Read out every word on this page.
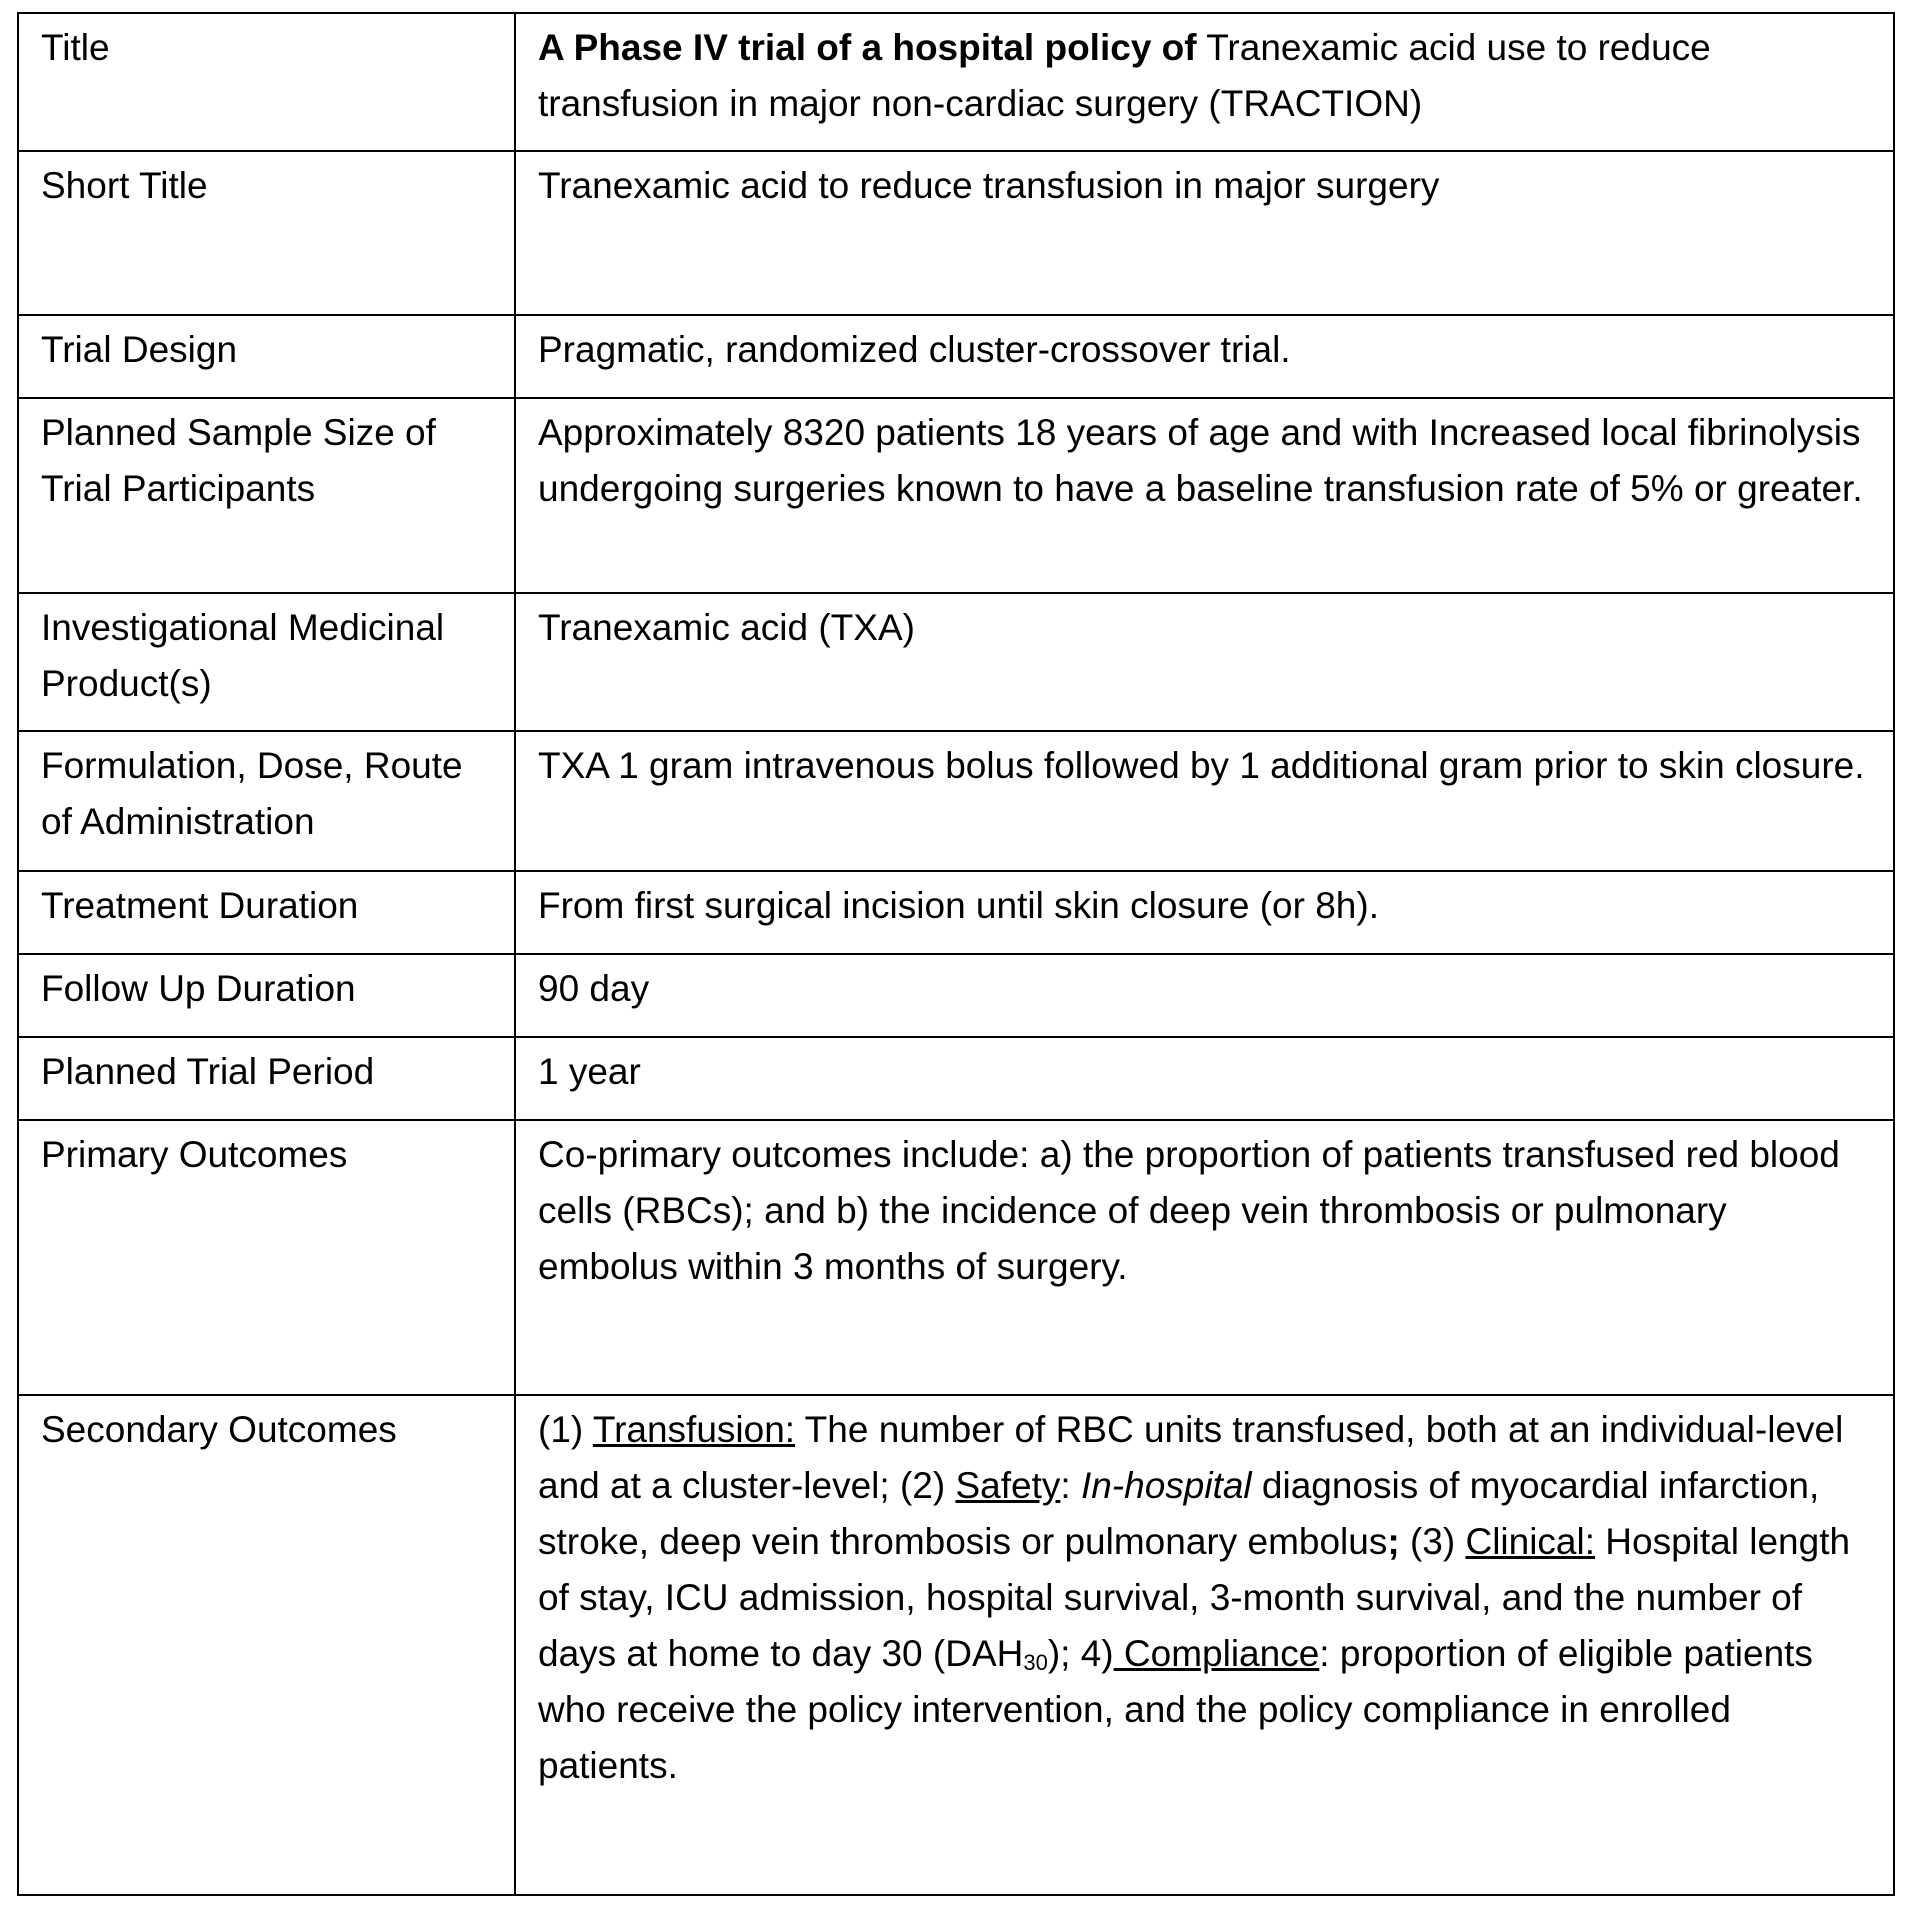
Title	A Phase IV trial of a hospital policy of Tranexamic acid use to reduce transfusion in major non-cardiac surgery (TRACTION)
Short Title	Tranexamic acid to reduce transfusion in major surgery
Trial Design	Pragmatic, randomized cluster-crossover trial.
Planned Sample Size of Trial Participants	Approximately 8320 patients 18 years of age and with Increased local fibrinolysis undergoing surgeries known to have a baseline transfusion rate of 5% or greater.
Investigational Medicinal Product(s)	Tranexamic acid (TXA)
Formulation, Dose, Route of Administration	TXA 1 gram intravenous bolus followed by 1 additional gram prior to skin closure.
Treatment Duration	From first surgical incision until skin closure (or 8h).
Follow Up Duration	90 day
Planned Trial Period	1 year
Primary Outcomes	Co-primary outcomes include: a) the proportion of patients transfused red blood cells (RBCs); and b) the incidence of deep vein thrombosis or pulmonary embolus within 3 months of surgery.
Secondary Outcomes	(1) Transfusion: The number of RBC units transfused, both at an individual-level and at a cluster-level; (2) Safety: In-hospital diagnosis of myocardial infarction, stroke, deep vein thrombosis or pulmonary embolus; (3) Clinical: Hospital length of stay, ICU admission, hospital survival, 3-month survival, and the number of days at home to day 30 $(DAH_{30})$; 4) Compliance: proportion of eligible patients who receive the policy intervention, and the policy compliance in enrolled patients.
